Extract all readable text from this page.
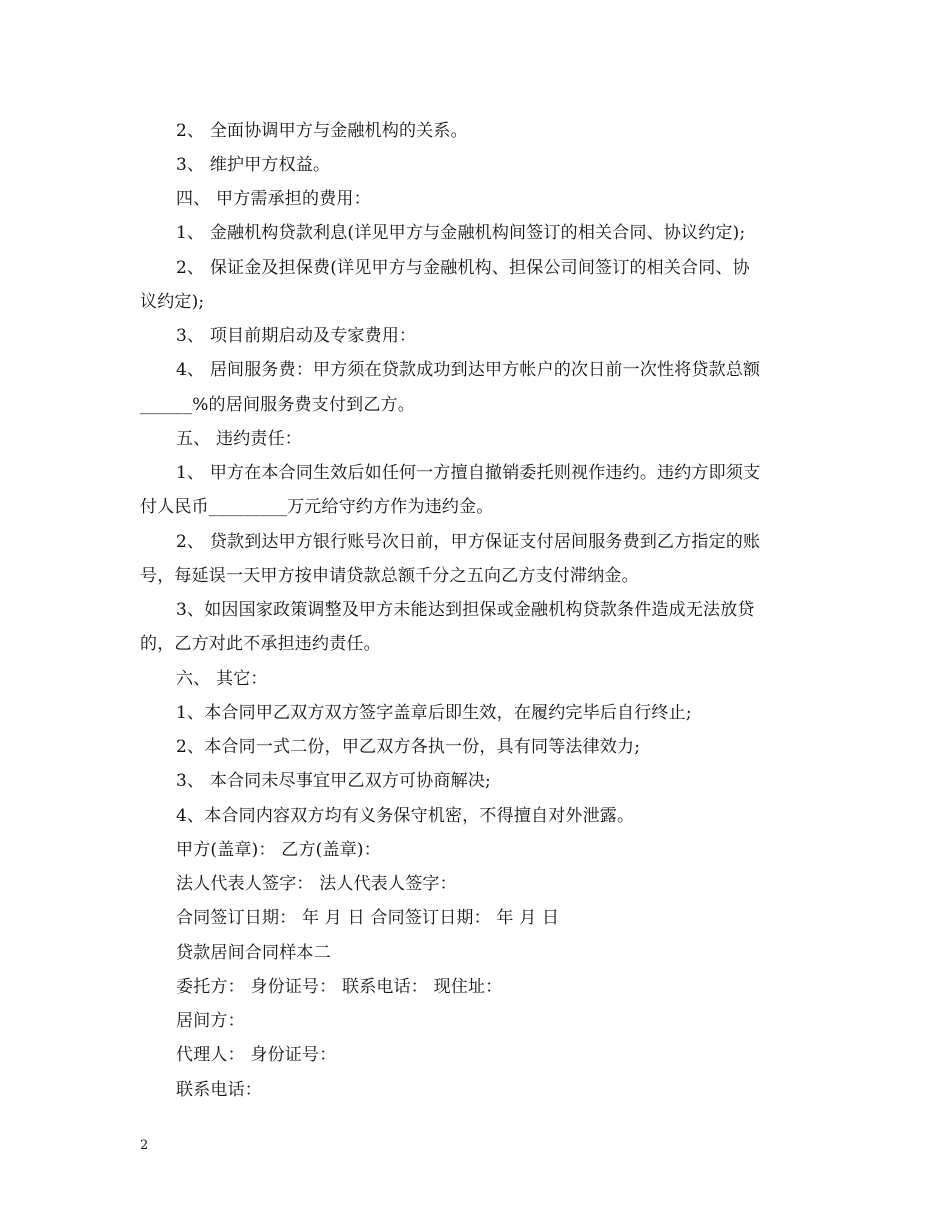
2、 全面协调甲方与金融机构的关系。
3、 维护甲方权益。
四、 甲方需承担的费用：
1、 金融机构贷款利息(详见甲方与金融机构间签订的相关合同、协议约定);
2、 保证金及担保费(详见甲方与金融机构、担保公司间签订的相关合同、协
议约定);
3、 项目前期启动及专家费用：
4、 居间服务费：甲方须在贷款成功到达甲方帐户的次日前一次性将贷款总额
______%的居间服务费支付到乙方。
五、 违约责任：
1、 甲方在本合同生效后如任何一方擅自撤销委托则视作违约。违约方即须支
付人民币_________万元给守约方作为违约金。
2、 贷款到达甲方银行账号次日前，甲方保证支付居间服务费到乙方指定的账
号，每延误一天甲方按申请贷款总额千分之五向乙方支付滞纳金。
3、如因国家政策调整及甲方未能达到担保或金融机构贷款条件造成无法放贷
的，乙方对此不承担违约责任。
六、 其它：
1、本合同甲乙双方双方签字盖章后即生效，在履约完毕后自行终止;
2、本合同一式二份，甲乙双方各执一份，具有同等法律效力;
3、 本合同未尽事宜甲乙双方可协商解决;
4、本合同内容双方均有义务保守机密，不得擅自对外泄露。
甲方(盖章)： 乙方(盖章)：
法人代表人签字： 法人代表人签字：
合同签订日期： 年 月 日 合同签订日期： 年 月 日
贷款居间合同样本二
委托方： 身份证号： 联系电话： 现住址：
居间方：
代理人： 身份证号：
联系电话：
2
